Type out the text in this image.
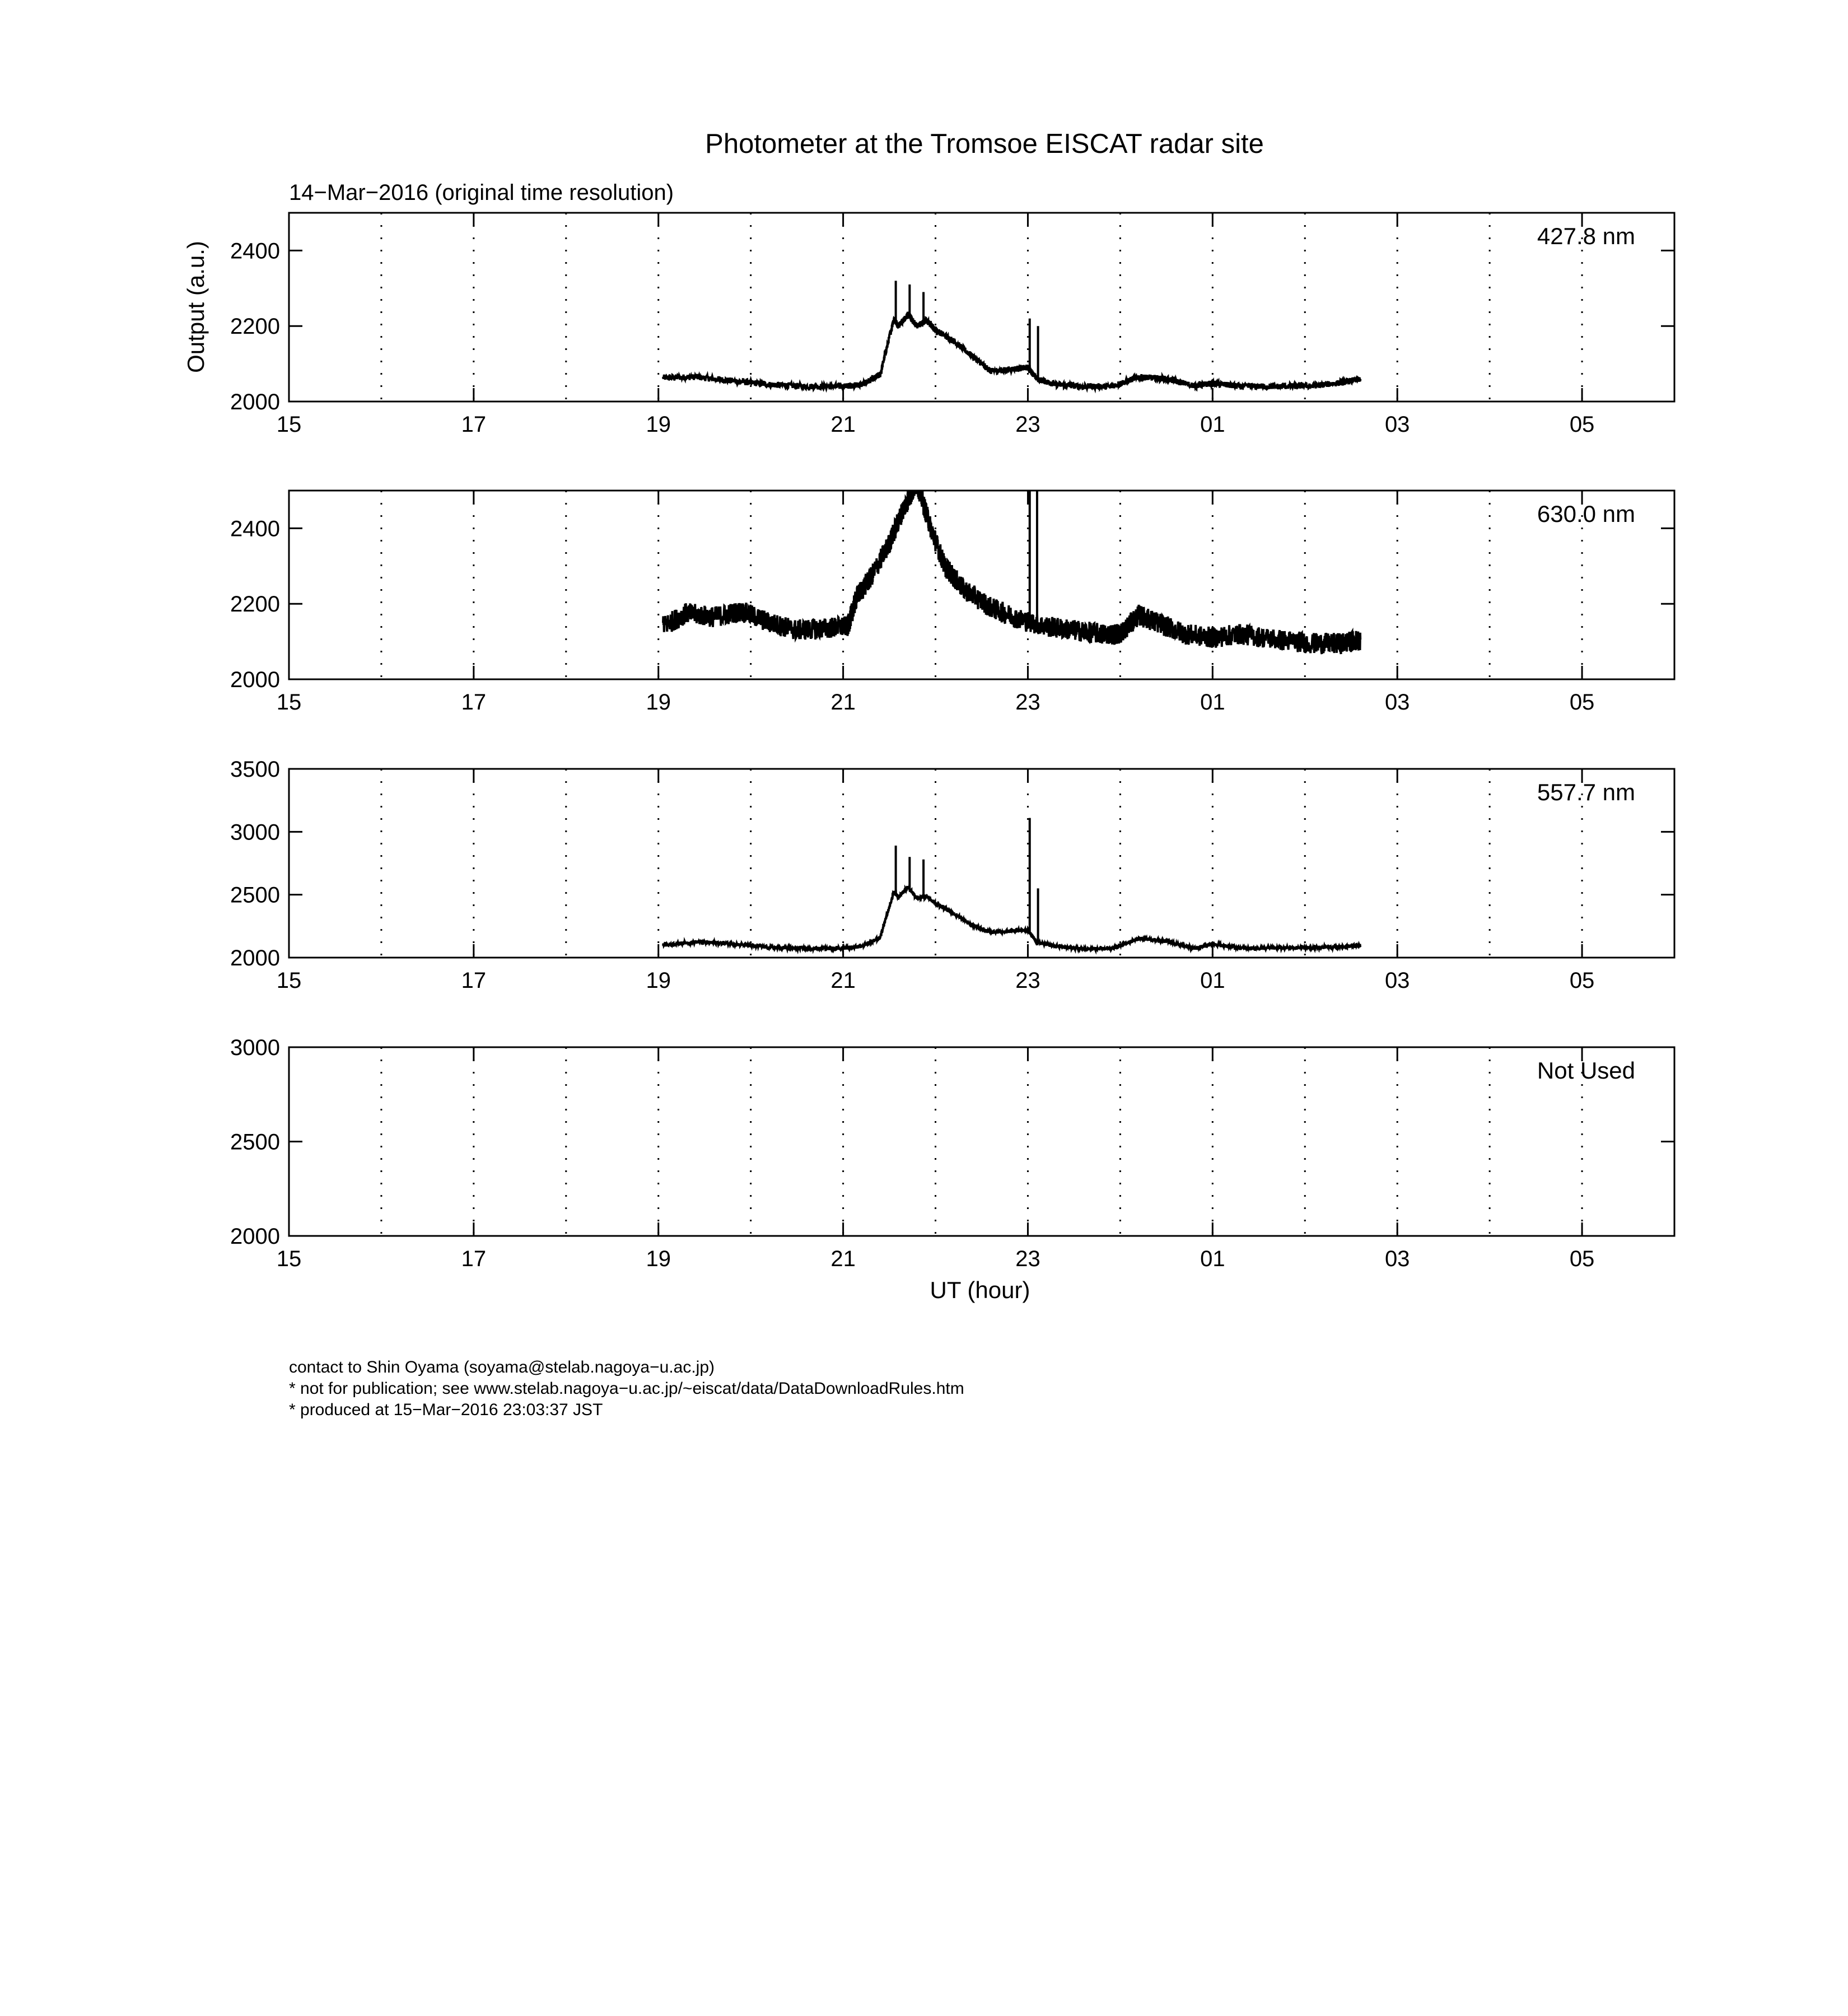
Photometer at the Tromsoe EISCAT radar site
14−Mar−2016 (original time resolution)
Output (a.u.)
UT (hour)
contact to Shin Oyama (soyama@stelab.nagoya−u.ac.jp)
* not for publication; see www.stelab.nagoya−u.ac.jp/~eiscat/data/DataDownloadRules.htm
* produced at 15−Mar−2016 23:03:37 JST
15	17	19	21	23	01	03	05
2000
2200
2400
427.8 nm
15	17	19	21	23	01	03	05
2000
2200
2400
630.0 nm
15	17	19	21	23	01	03	05
2000
2500
3000
3500
557.7 nm
15	17	19	21	23	01	03	05
2000
2500
3000
Not Used
